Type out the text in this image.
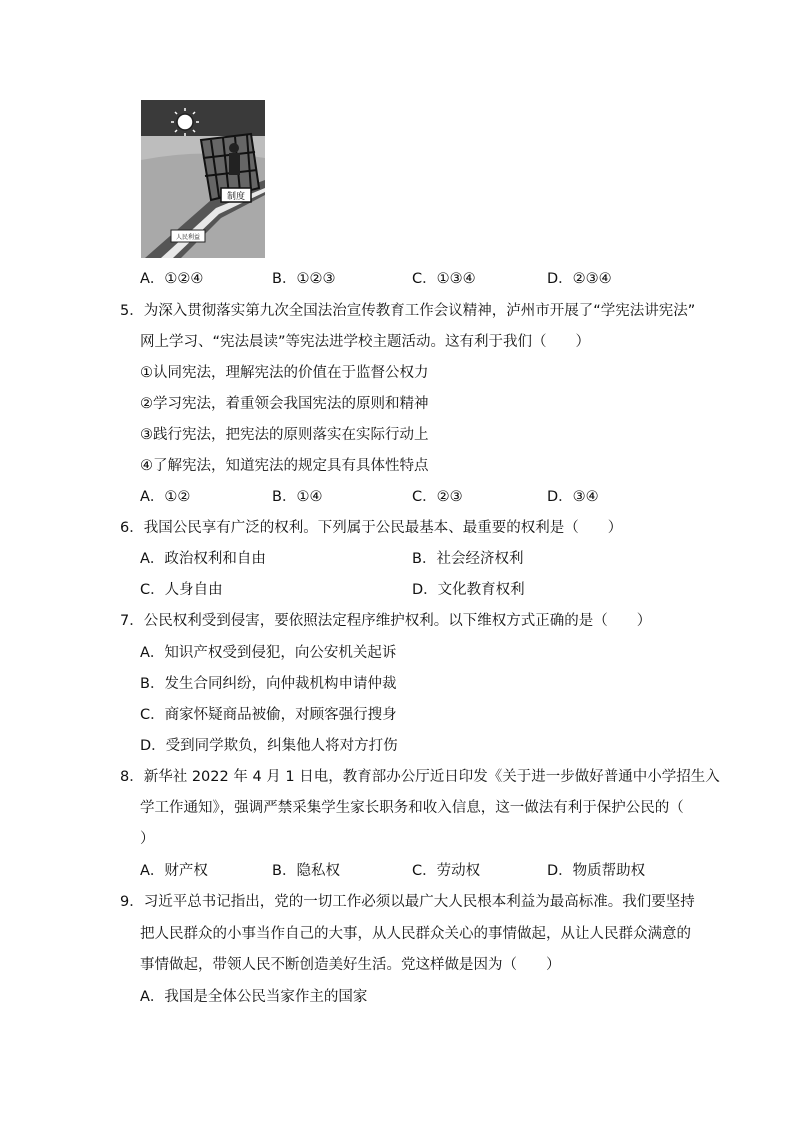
制度
人民利益
A．①②④	B．①②③	C．①③④	D．②③④
5．为深入贯彻落实第九次全国法治宣传教育工作会议精神，泸州市开展了“学宪法讲宪法”
网上学习、“宪法晨读”等宪法进学校主题活动。这有利于我们（　　）
①认同宪法，理解宪法的价值在于监督公权力
②学习宪法，着重领会我国宪法的原则和精神
③践行宪法，把宪法的原则落实在实际行动上
④了解宪法，知道宪法的规定具有具体性特点
A．①②	B．①④	C．②③	D．③④
6．我国公民享有广泛的权利。下列属于公民最基本、最重要的权利是（　　）
A．政治权利和自由	B．社会经济权利
C．人身自由	D．文化教育权利
7．公民权利受到侵害，要依照法定程序维护权利。以下维权方式正确的是（　　）
A．知识产权受到侵犯，向公安机关起诉
B．发生合同纠纷，向仲裁机构申请仲裁
C．商家怀疑商品被偷，对顾客强行搜身
D．受到同学欺负，纠集他人将对方打伤
8．新华社 2022 年 4 月 1 日电，教育部办公厅近日印发《关于进一步做好普通中小学招生入
学工作通知》，强调严禁采集学生家长职务和收入信息，这一做法有利于保护公民的（
）
A．财产权	B．隐私权	C．劳动权	D．物质帮助权
9．习近平总书记指出，党的一切工作必须以最广大人民根本利益为最高标准。我们要坚持
把人民群众的小事当作自己的大事，从人民群众关心的事情做起，从让人民群众满意的
事情做起，带领人民不断创造美好生活。党这样做是因为（　　）
A．我国是全体公民当家作主的国家
